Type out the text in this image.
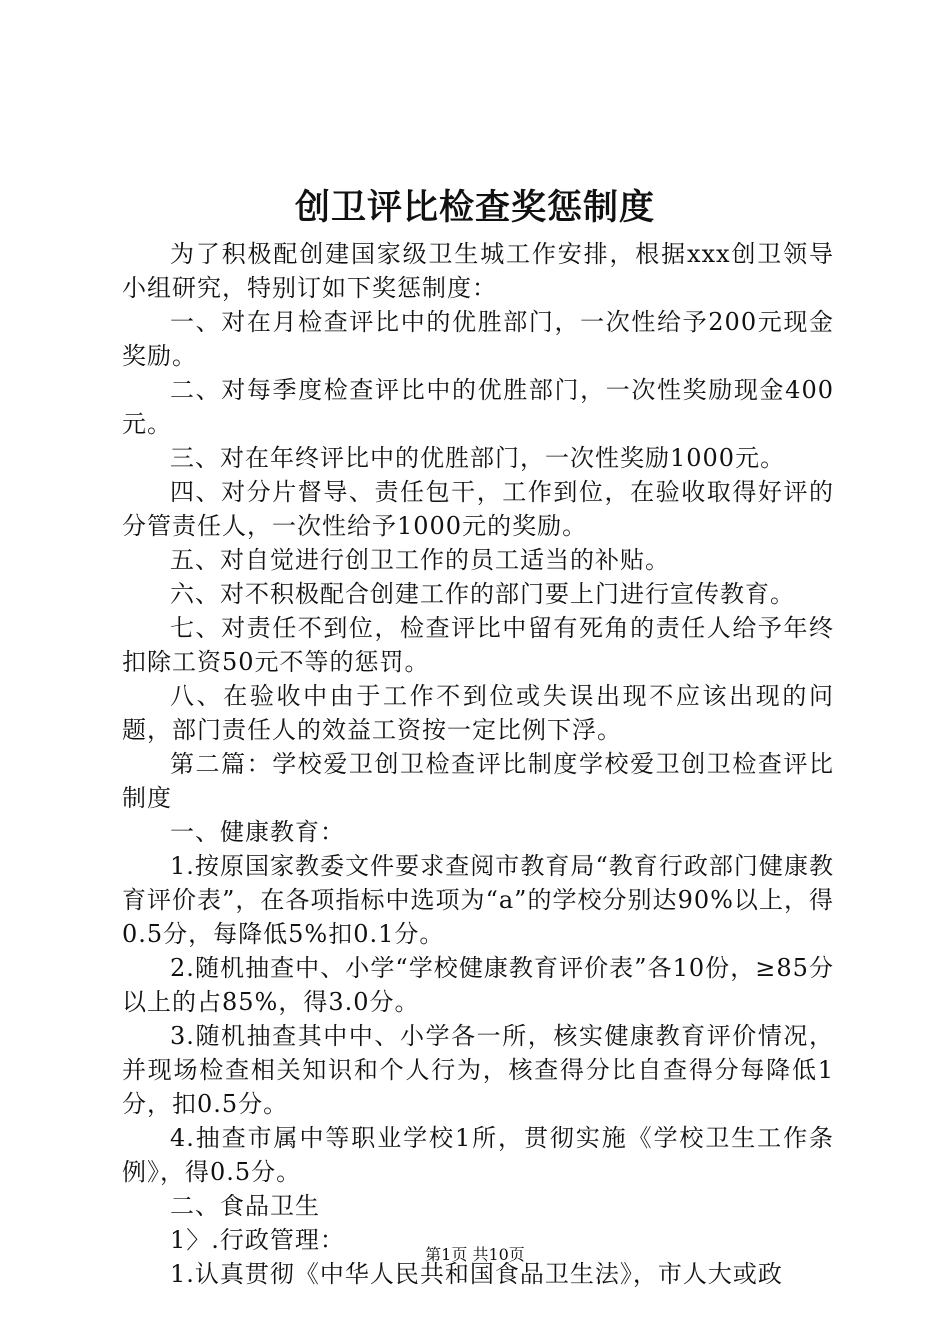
创卫评比检查奖惩制度

为了积极配创建国家级卫生城工作安排，根据xxx创卫领导小组研究，特别订如下奖惩制度：

一、对在月检查评比中的优胜部门，一次性给予200元现金奖励。

二、对每季度检查评比中的优胜部门，一次性奖励现金400元。

三、对在年终评比中的优胜部门，一次性奖励1000元。

四、对分片督导、责任包干，工作到位，在验收取得好评的分管责任人，一次性给予1000元的奖励。

五、对自觉进行创卫工作的员工适当的补贴。

六、对不积极配合创建工作的部门要上门进行宣传教育。

七、对责任不到位，检查评比中留有死角的责任人给予年终扣除工资50元不等的惩罚。

八、在验收中由于工作不到位或失误出现不应该出现的问题，部门责任人的效益工资按一定比例下浮。

第二篇：学校爱卫创卫检查评比制度学校爱卫创卫检查评比制度

一、健康教育：

1.按原国家教委文件要求查阅市教育局“教育行政部门健康教育评价表”，在各项指标中选项为“a”的学校分别达90%以上，得0.5分，每降低5%扣0.1分。

2.随机抽查中、小学“学校健康教育评价表”各10份，≥85分以上的占85%，得3.0分。

3.随机抽查其中中、小学各一所，核实健康教育评价情况，并现场检查相关知识和个人行为，核查得分比自查得分每降低1分，扣0.5分。

4.抽查市属中等职业学校1所，贯彻实施《学校卫生工作条例》，得0.5分。

二、食品卫生

1〉.行政管理：

1.认真贯彻《中华人民共和国食品卫生法》，市人大或政

第1页 共10页
